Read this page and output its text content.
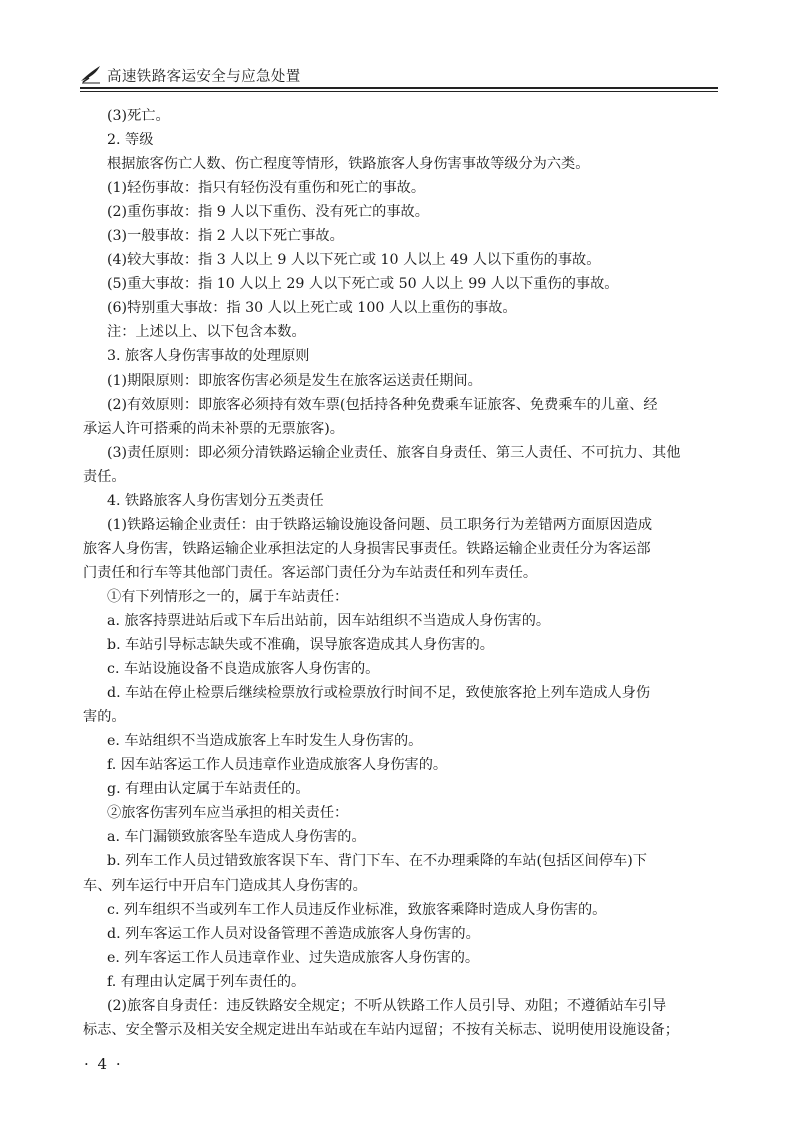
高速铁路客运安全与应急处置
(3)死亡。
2. 等级
根据旅客伤亡人数、伤亡程度等情形，铁路旅客人身伤害事故等级分为六类。
(1)轻伤事故：指只有轻伤没有重伤和死亡的事故。
(2)重伤事故：指 9 人以下重伤、没有死亡的事故。
(3)一般事故：指 2 人以下死亡事故。
(4)较大事故：指 3 人以上 9 人以下死亡或 10 人以上 49 人以下重伤的事故。
(5)重大事故：指 10 人以上 29 人以下死亡或 50 人以上 99 人以下重伤的事故。
(6)特别重大事故：指 30 人以上死亡或 100 人以上重伤的事故。
注：上述以上、以下包含本数。
3. 旅客人身伤害事故的处理原则
(1)期限原则：即旅客伤害必须是发生在旅客运送责任期间。
(2)有效原则：即旅客必须持有效车票(包括持各种免费乘车证旅客、免费乘车的儿童、经
承运人许可搭乘的尚未补票的无票旅客)。
(3)责任原则：即必须分清铁路运输企业责任、旅客自身责任、第三人责任、不可抗力、其他
责任。
4. 铁路旅客人身伤害划分五类责任
(1)铁路运输企业责任：由于铁路运输设施设备问题、员工职务行为差错两方面原因造成
旅客人身伤害，铁路运输企业承担法定的人身损害民事责任。铁路运输企业责任分为客运部
门责任和行车等其他部门责任。客运部门责任分为车站责任和列车责任。
①有下列情形之一的，属于车站责任：
a. 旅客持票进站后或下车后出站前，因车站组织不当造成人身伤害的。
b. 车站引导标志缺失或不准确，误导旅客造成其人身伤害的。
c. 车站设施设备不良造成旅客人身伤害的。
d. 车站在停止检票后继续检票放行或检票放行时间不足，致使旅客抢上列车造成人身伤
害的。
e. 车站组织不当造成旅客上车时发生人身伤害的。
f. 因车站客运工作人员违章作业造成旅客人身伤害的。
g. 有理由认定属于车站责任的。
②旅客伤害列车应当承担的相关责任：
a. 车门漏锁致旅客坠车造成人身伤害的。
b. 列车工作人员过错致旅客误下车、背门下车、在不办理乘降的车站(包括区间停车)下
车、列车运行中开启车门造成其人身伤害的。
c. 列车组织不当或列车工作人员违反作业标准，致旅客乘降时造成人身伤害的。
d. 列车客运工作人员对设备管理不善造成旅客人身伤害的。
e. 列车客运工作人员违章作业、过失造成旅客人身伤害的。
f. 有理由认定属于列车责任的。
(2)旅客自身责任：违反铁路安全规定；不听从铁路工作人员引导、劝阻；不遵循站车引导
标志、安全警示及相关安全规定进出车站或在车站内逗留；不按有关标志、说明使用设施设备；
· 4 ·
